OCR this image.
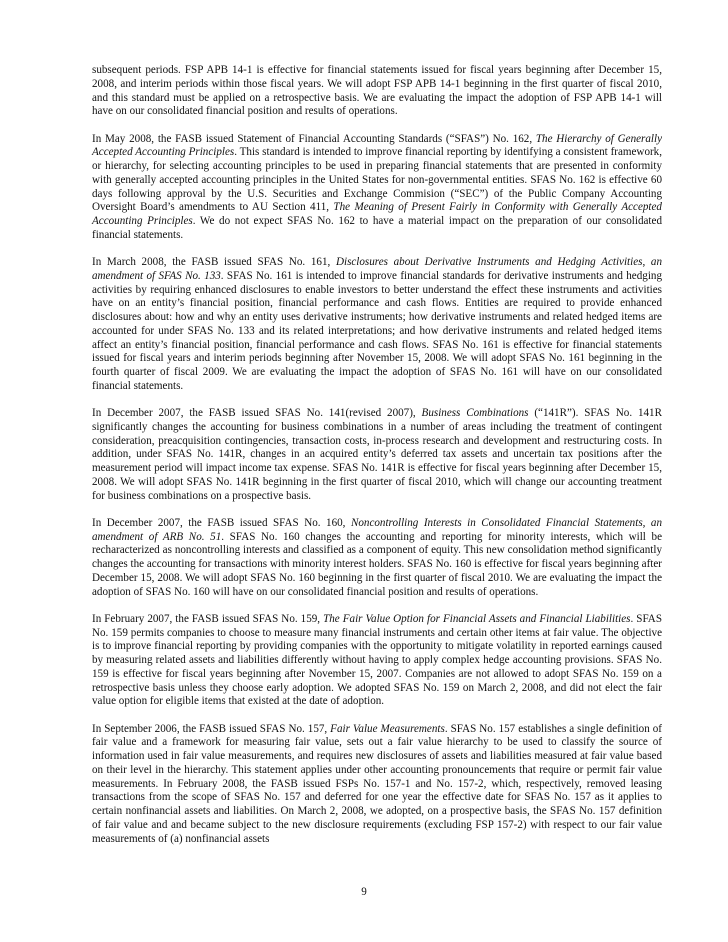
subsequent periods. FSP APB 14-1 is effective for financial statements issued for fiscal years beginning after December 15, 2008, and interim periods within those fiscal years. We will adopt FSP APB 14-1 beginning in the first quarter of fiscal 2010, and this standard must be applied on a retrospective basis. We are evaluating the impact the adoption of FSP APB 14-1 will have on our consolidated financial position and results of operations.

In May 2008, the FASB issued Statement of Financial Accounting Standards (“SFAS”) No. 162, The Hierarchy of Generally Accepted Accounting Principles. This standard is intended to improve financial reporting by identifying a consistent framework, or hierarchy, for selecting accounting principles to be used in preparing financial statements that are presented in conformity with generally accepted accounting principles in the United States for non-governmental entities. SFAS No. 162 is effective 60 days following approval by the U.S. Securities and Exchange Commision (“SEC”) of the Public Company Accounting Oversight Board’s amendments to AU Section 411, The Meaning of Present Fairly in Conformity with Generally Accepted Accounting Principles. We do not expect SFAS No. 162 to have a material impact on the preparation of our consolidated financial statements.

In March 2008, the FASB issued SFAS No. 161, Disclosures about Derivative Instruments and Hedging Activities, an amendment of SFAS No. 133. SFAS No. 161 is intended to improve financial standards for derivative instruments and hedging activities by requiring enhanced disclosures to enable investors to better understand the effect these instruments and activities have on an entity’s financial position, financial performance and cash flows. Entities are required to provide enhanced disclosures about: how and why an entity uses derivative instruments; how derivative instruments and related hedged items are accounted for under SFAS No. 133 and its related interpretations; and how derivative instruments and related hedged items affect an entity’s financial position, financial performance and cash flows. SFAS No. 161 is effective for financial statements issued for fiscal years and interim periods beginning after November 15, 2008. We will adopt SFAS No. 161 beginning in the fourth quarter of fiscal 2009. We are evaluating the impact the adoption of SFAS No. 161 will have on our consolidated financial statements.

In December 2007, the FASB issued SFAS No. 141(revised 2007), Business Combinations (“141R”). SFAS No. 141R significantly changes the accounting for business combinations in a number of areas including the treatment of contingent consideration, preacquisition contingencies, transaction costs, in-process research and development and restructuring costs. In addition, under SFAS No. 141R, changes in an acquired entity’s deferred tax assets and uncertain tax positions after the measurement period will impact income tax expense. SFAS No. 141R is effective for fiscal years beginning after December 15, 2008. We will adopt SFAS No. 141R beginning in the first quarter of fiscal 2010, which will change our accounting treatment for business combinations on a prospective basis.

In December 2007, the FASB issued SFAS No. 160, Noncontrolling Interests in Consolidated Financial Statements, an amendment of ARB No. 51. SFAS No. 160 changes the accounting and reporting for minority interests, which will be recharacterized as noncontrolling interests and classified as a component of equity. This new consolidation method significantly changes the accounting for transactions with minority interest holders. SFAS No. 160 is effective for fiscal years beginning after December 15, 2008. We will adopt SFAS No. 160 beginning in the first quarter of fiscal 2010. We are evaluating the impact the adoption of SFAS No. 160 will have on our consolidated financial position and results of operations.

In February 2007, the FASB issued SFAS No. 159, The Fair Value Option for Financial Assets and Financial Liabilities. SFAS No. 159 permits companies to choose to measure many financial instruments and certain other items at fair value. The objective is to improve financial reporting by providing companies with the opportunity to mitigate volatility in reported earnings caused by measuring related assets and liabilities differently without having to apply complex hedge accounting provisions. SFAS No. 159 is effective for fiscal years beginning after November 15, 2007. Companies are not allowed to adopt SFAS No. 159 on a retrospective basis unless they choose early adoption. We adopted SFAS No. 159 on March 2, 2008, and did not elect the fair value option for eligible items that existed at the date of adoption.

In September 2006, the FASB issued SFAS No. 157, Fair Value Measurements. SFAS No. 157 establishes a single definition of fair value and a framework for measuring fair value, sets out a fair value hierarchy to be used to classify the source of information used in fair value measurements, and requires new disclosures of assets and liabilities measured at fair value based on their level in the hierarchy. This statement applies under other accounting pronouncements that require or permit fair value measurements. In February 2008, the FASB issued FSPs No. 157-1 and No. 157-2, which, respectively, removed leasing transactions from the scope of SFAS No. 157 and deferred for one year the effective date for SFAS No. 157 as it applies to certain nonfinancial assets and liabilities. On March 2, 2008, we adopted, on a prospective basis, the SFAS No. 157 definition of fair value and and became subject to the new disclosure requirements (excluding FSP 157-2) with respect to our fair value measurements of (a) nonfinancial assets

9
